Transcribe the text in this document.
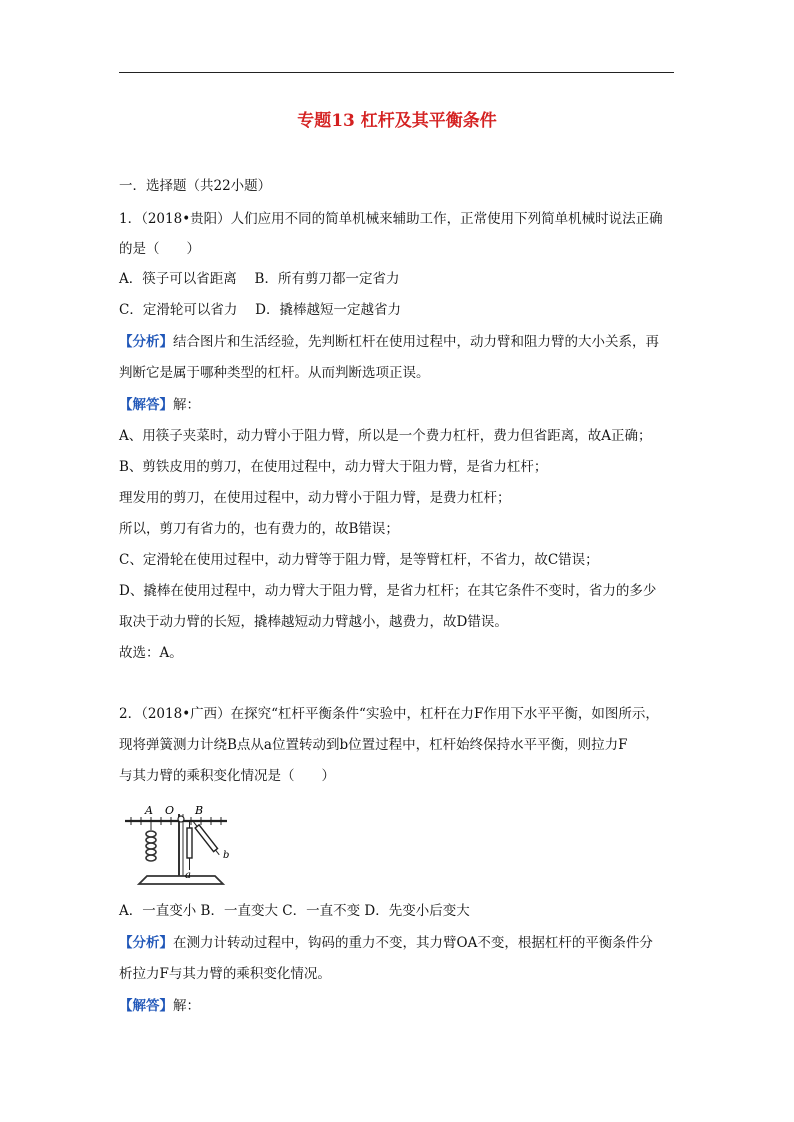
专题13 杠杆及其平衡条件
一．选择题（共22小题）
1．（2018•贵阳）人们应用不同的简单机械来辅助工作，正常使用下列简单机械时说法正确
的是（　　）
A．筷子可以省距离　 B．所有剪刀都一定省力
C．定滑轮可以省力　 D．撬棒越短一定越省力
【分析】结合图片和生活经验，先判断杠杆在使用过程中，动力臂和阻力臂的大小关系，再
判断它是属于哪种类型的杠杆。从而判断选项正误。
【解答】解：
A、用筷子夹菜时，动力臂小于阻力臂，所以是一个费力杠杆，费力但省距离，故A正确；
B、剪铁皮用的剪刀，在使用过程中，动力臂大于阻力臂，是省力杠杆；
理发用的剪刀，在使用过程中，动力臂小于阻力臂，是费力杠杆；
所以，剪刀有省力的，也有费力的，故B错误；
C、定滑轮在使用过程中，动力臂等于阻力臂，是等臂杠杆，不省力，故C错误；
D、撬棒在使用过程中，动力臂大于阻力臂，是省力杠杆；在其它条件不变时，省力的多少
取决于动力臂的长短，撬棒越短动力臂越小，越费力，故D错误。
故选：A。
2．（2018•广西）在探究“杠杆平衡条件“实验中，杠杆在力F作用下水平平衡，如图所示，
现将弹簧测力计绕B点从a位置转动到b位置过程中，杠杆始终保持水平平衡，则拉力F
与其力臂的乘积变化情况是（　　）
A O B
a
b
A．一直变小 B．一直变大 C．一直不变 D．先变小后变大
【分析】在测力计转动过程中，钩码的重力不变，其力臂OA不变，根据杠杆的平衡条件分
析拉力F与其力臂的乘积变化情况。
【解答】解：
